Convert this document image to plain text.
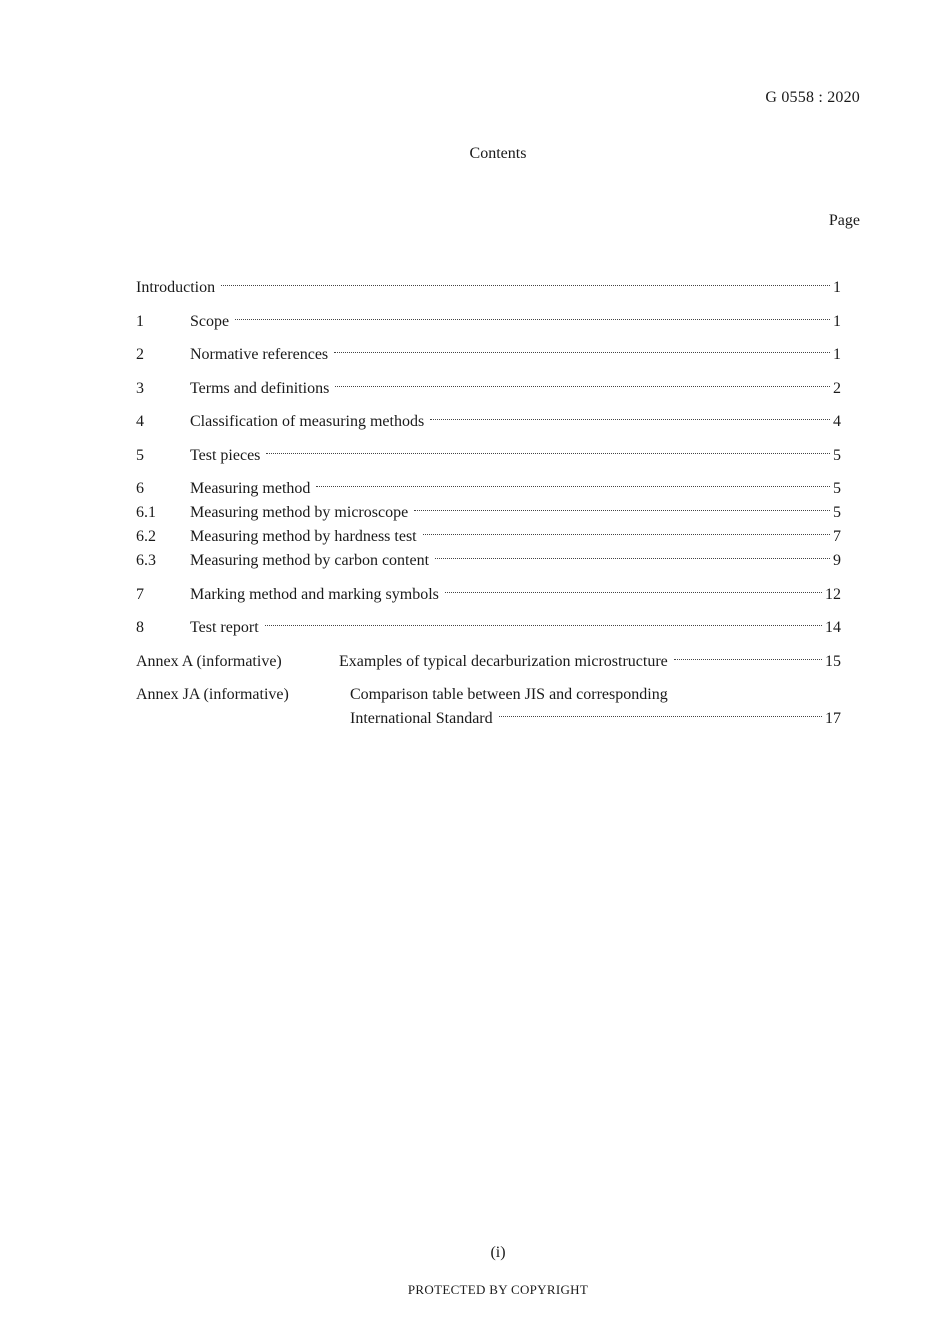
G 0558 : 2020
Contents
Page
Introduction	1
1	Scope	1
2	Normative references	1
3	Terms and definitions	2
4	Classification of measuring methods	4
5	Test pieces	5
6	Measuring method	5
6.1	Measuring method by microscope	5
6.2	Measuring method by hardness test	7
6.3	Measuring method by carbon content	9
7	Marking method and marking symbols	12
8	Test report	14
Annex A (informative)	Examples of typical decarburization microstructure	15
Annex JA (informative)	Comparison table between JIS and corresponding
International Standard	17
(i)
PROTECTED BY COPYRIGHT
